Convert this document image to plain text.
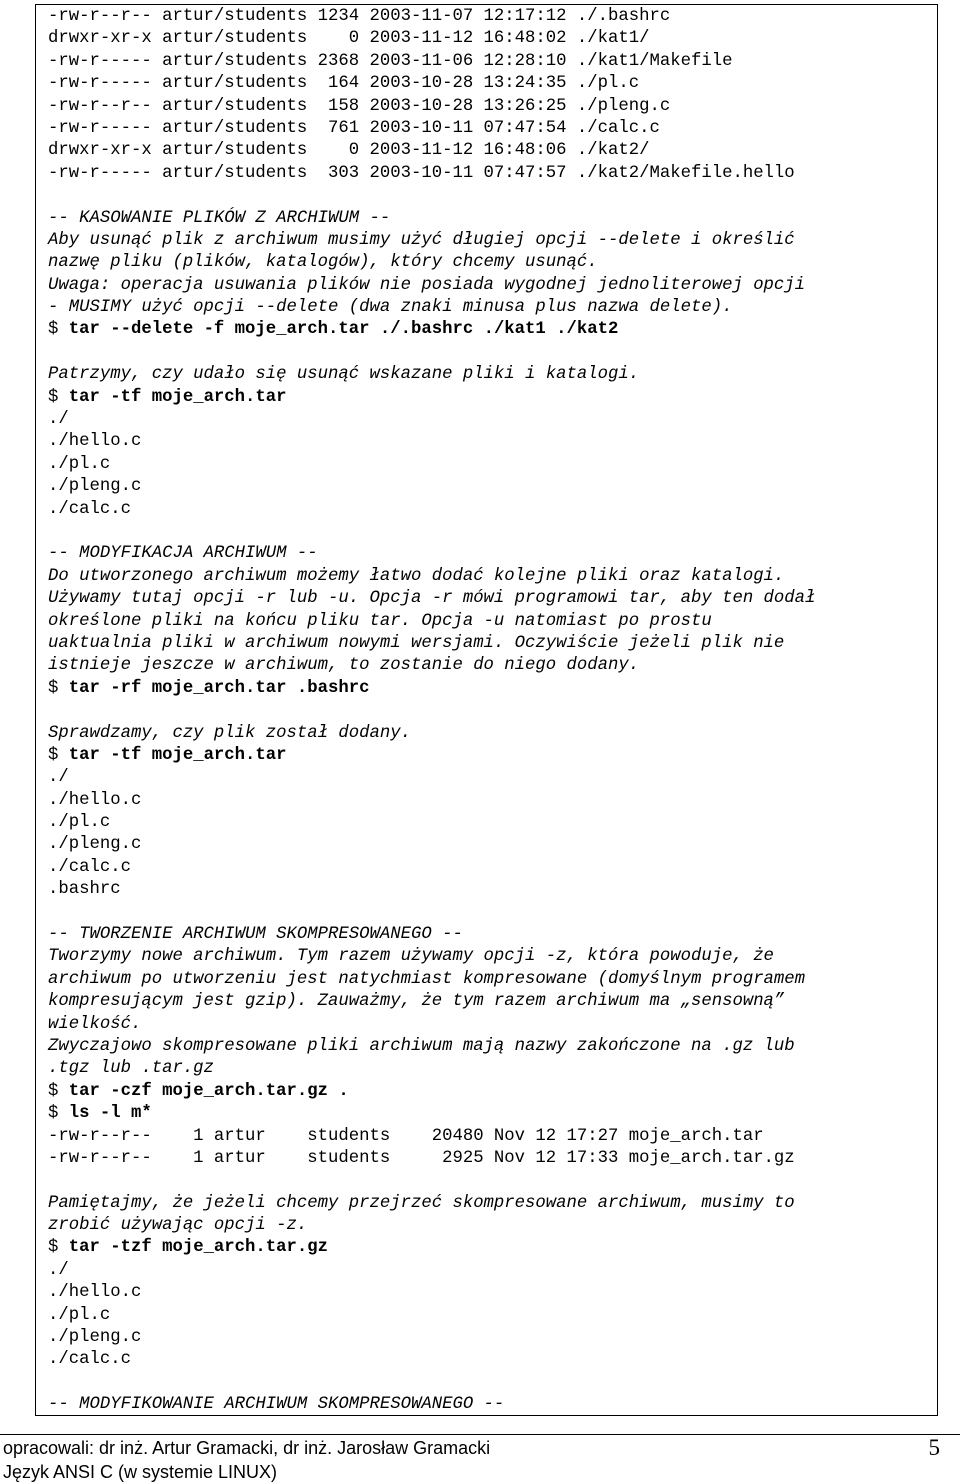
-rw-r--r-- artur/students 1234 2003-11-07 12:17:12 ./.bashrc
drwxr-xr-x artur/students    0 2003-11-12 16:48:02 ./kat1/
-rw-r----- artur/students 2368 2003-11-06 12:28:10 ./kat1/Makefile
-rw-r----- artur/students  164 2003-10-28 13:24:35 ./pl.c
-rw-r--r-- artur/students  158 2003-10-28 13:26:25 ./pleng.c
-rw-r----- artur/students  761 2003-10-11 07:47:54 ./calc.c
drwxr-xr-x artur/students    0 2003-11-12 16:48:06 ./kat2/
-rw-r----- artur/students  303 2003-10-11 07:47:57 ./kat2/Makefile.hello
-- KASOWANIE PLIKÓW Z ARCHIWUM --
Aby usunąć plik z archiwum musimy użyć długiej opcji --delete i określić
nazwę pliku (plików, katalogów), który chcemy usunąć.
Uwaga: operacja usuwania plików nie posiada wygodnej jednoliterowej opcji
- MUSIMY użyć opcji --delete (dwa znaki minusa plus nazwa delete).
$ tar --delete -f moje_arch.tar ./.bashrc ./kat1 ./kat2
Patrzymy, czy udało się usunąć wskazane pliki i katalogi.
$ tar -tf moje_arch.tar
./
./hello.c
./pl.c
./pleng.c
./calc.c
-- MODYFIKACJA ARCHIWUM --
Do utworzonego archiwum możemy łatwo dodać kolejne pliki oraz katalogi.
Używamy tutaj opcji -r lub -u. Opcja -r mówi programowi tar, aby ten dodał
określone pliki na końcu pliku tar. Opcja -u natomiast po prostu
uaktualnia pliki w archiwum nowymi wersjami. Oczywiście jeżeli plik nie
istnieje jeszcze w archiwum, to zostanie do niego dodany.
$ tar -rf moje_arch.tar .bashrc
Sprawdzamy, czy plik został dodany.
$ tar -tf moje_arch.tar
./
./hello.c
./pl.c
./pleng.c
./calc.c
.bashrc
-- TWORZENIE ARCHIWUM SKOMPRESOWANEGO --
Tworzymy nowe archiwum. Tym razem używamy opcji -z, która powoduje, że
archiwum po utworzeniu jest natychmiast kompresowane (domyślnym programem
kompresującym jest gzip). Zauważmy, że tym razem archiwum ma „sensowną”
wielkość.
Zwyczajowo skompresowane pliki archiwum mają nazwy zakończone na .gz lub
.tgz lub .tar.gz
$ tar -czf moje_arch.tar.gz .
$ ls -l m*
-rw-r--r--    1 artur    students    20480 Nov 12 17:27 moje_arch.tar
-rw-r--r--    1 artur    students     2925 Nov 12 17:33 moje_arch.tar.gz
Pamiętajmy, że jeżeli chcemy przejrzeć skompresowane archiwum, musimy to
zrobić używając opcji -z.
$ tar -tzf moje_arch.tar.gz
./
./hello.c
./pl.c
./pleng.c
./calc.c
-- MODYFIKOWANIE ARCHIWUM SKOMPRESOWANEGO --
opracowali: dr inż. Artur Gramacki, dr inż. Jarosław Gramacki
Język ANSI C (w systemie LINUX)
5
